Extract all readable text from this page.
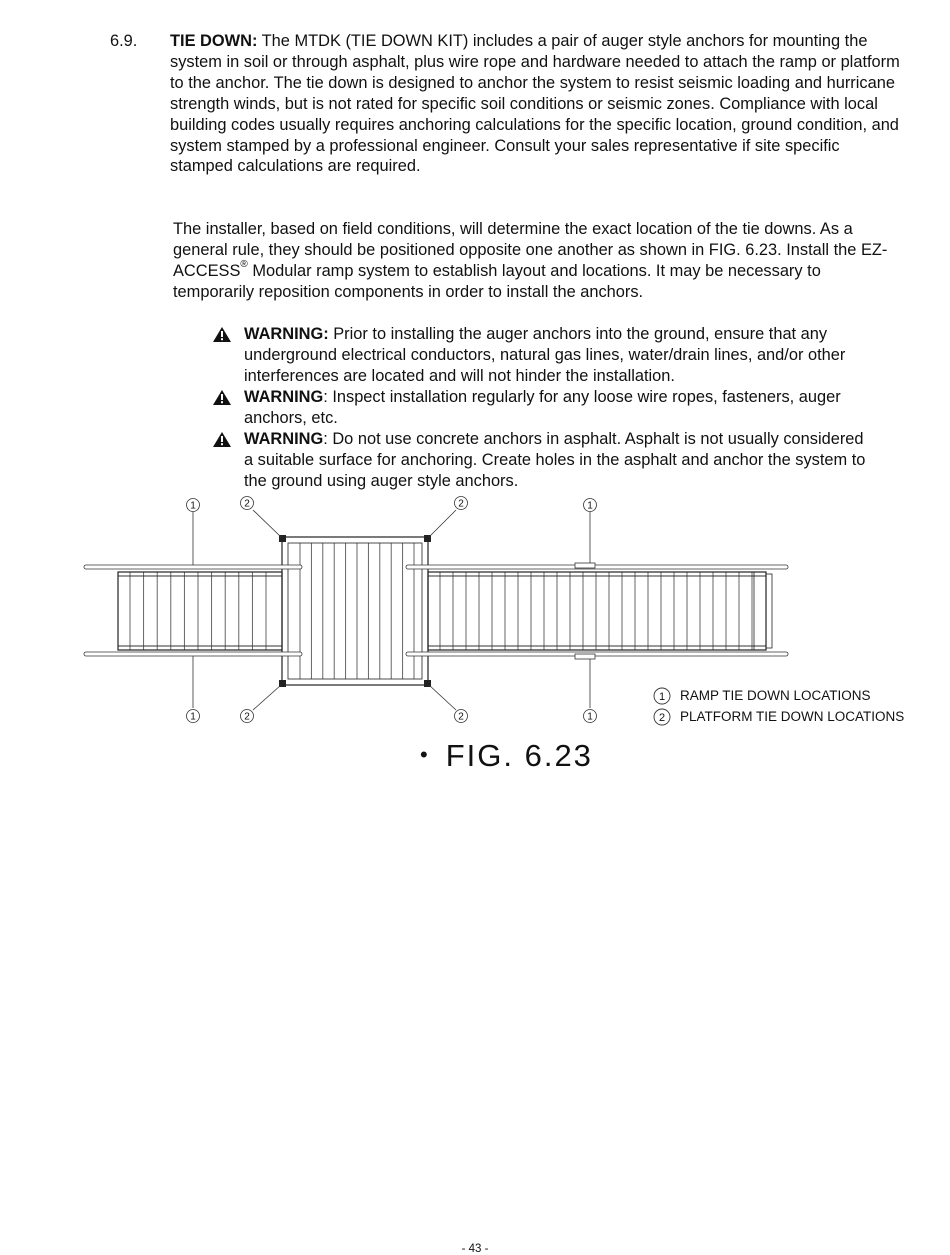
6.9. TIE DOWN: The MTDK (TIE DOWN KIT) includes a pair of auger style anchors for mounting the system in soil or through asphalt, plus wire rope and hardware needed to attach the ramp or platform to the anchor. The tie down is designed to anchor the system to resist seismic loading and hurricane strength winds, but is not rated for specific soil conditions or seismic zones. Compliance with local building codes usually requires anchoring calculations for the specific location, ground condition, and system stamped by a professional engineer. Consult your sales representative if site specific stamped calculations are required.

The installer, based on field conditions, will determine the exact location of the tie downs. As a general rule, they should be positioned opposite one another as shown in FIG. 6.23. Install the EZ-ACCESS® Modular ramp system to establish layout and locations. It may be necessary to temporarily reposition components in order to install the anchors.

WARNING: Prior to installing the auger anchors into the ground, ensure that any underground electrical conductors, natural gas lines, water/drain lines, and/or other interferences are located and will not hinder the installation.
WARNING: Inspect installation regularly for any loose wire ropes, fasteners, auger anchors, etc.
WARNING: Do not use concrete anchors in asphalt. Asphalt is not usually considered a suitable surface for anchoring. Create holes in the asphalt and anchor the system to the ground using auger style anchors.
1	2	2	1
1	2	2	1
1 RAMP TIE DOWN LOCATIONS
2 PLATFORM TIE DOWN LOCATIONS
• FIG. 6.23
- 43 -
